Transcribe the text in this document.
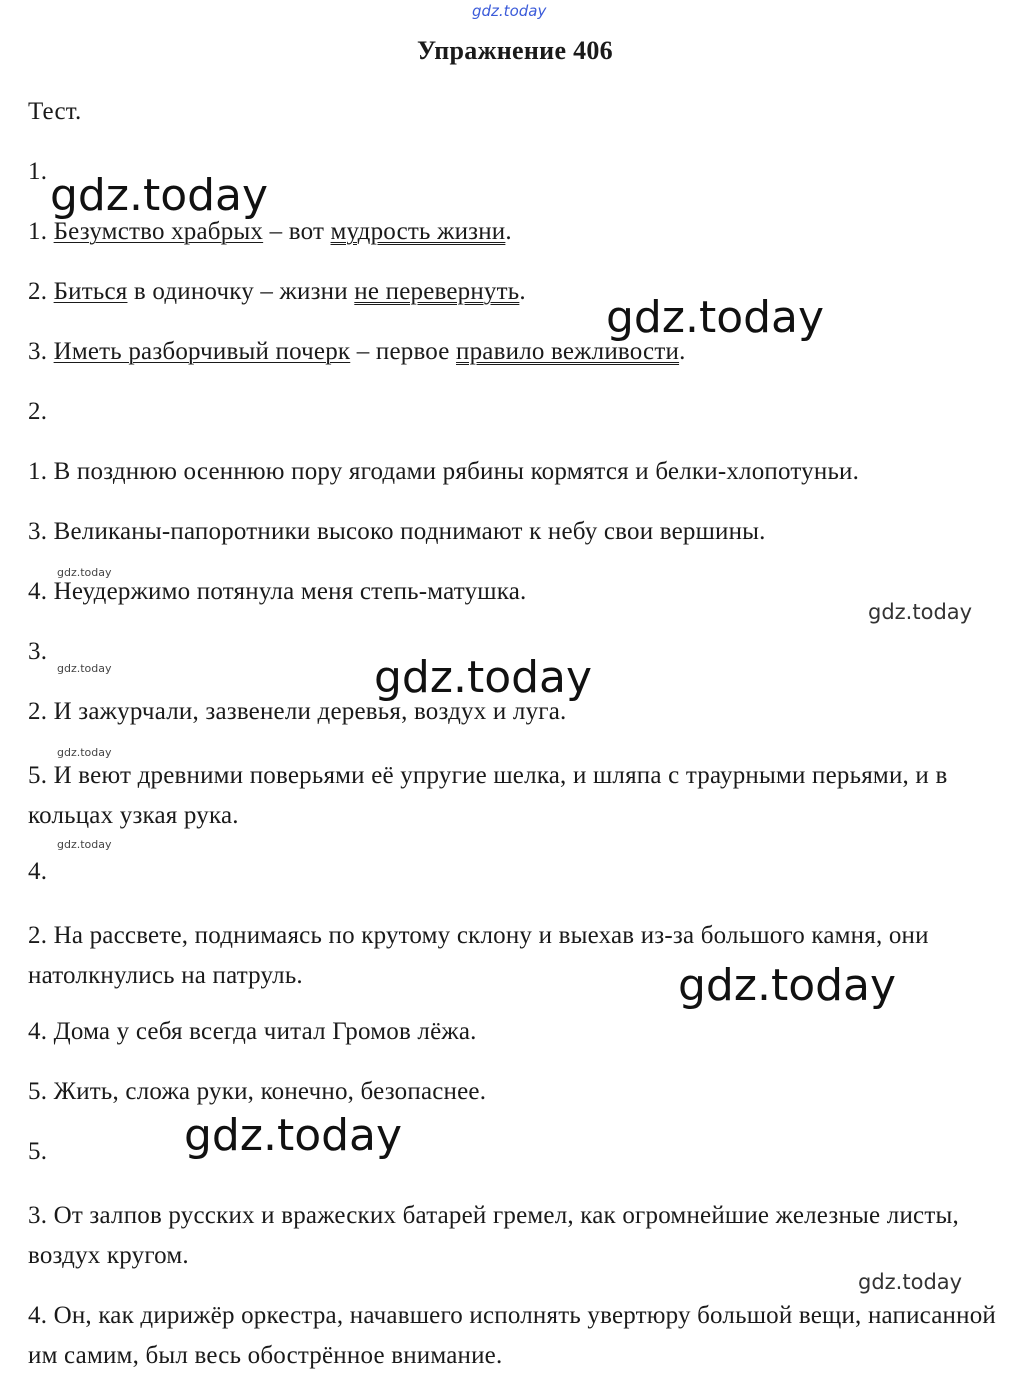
gdz.today
Упражнение 406
Тест.
1.
1. Безумство храбрых – вот мудрость жизни.
2. Биться в одиночку – жизни не перевернуть.
3. Иметь разборчивый почерк – первое правило вежливости.
2.
1. В позднюю осеннюю пору ягодами рябины кормятся и белки-хлопотуньи.
3. Великаны-папоротники высоко поднимают к небу свои вершины.
4. Неудержимо потянула меня степь-матушка.
3.
2. И зажурчали, зазвенели деревья, воздух и луга.
5. И веют древними поверьями её упругие шелка, и шляпа с траурными перьями, и в кольцах узкая рука.
4.
2. На рассвете, поднимаясь по крутому склону и выехав из-за большого камня, они натолкнулись на патруль.
4. Дома у себя всегда читал Громов лёжа.
5. Жить, сложа руки, конечно, безопаснее.
5.
3. От залпов русских и вражеских батарей гремел, как огромнейшие железные листы, воздух кругом.
4. Он, как дирижёр оркестра, начавшего исполнять увертюру большой вещи, написанной им самим, был весь обострённое внимание.
gdz.today
gdz.today
gdz.today
gdz.today
gdz.today
gdz.today
gdz.today
gdz.today
gdz.today
gdz.today
gdz.today
